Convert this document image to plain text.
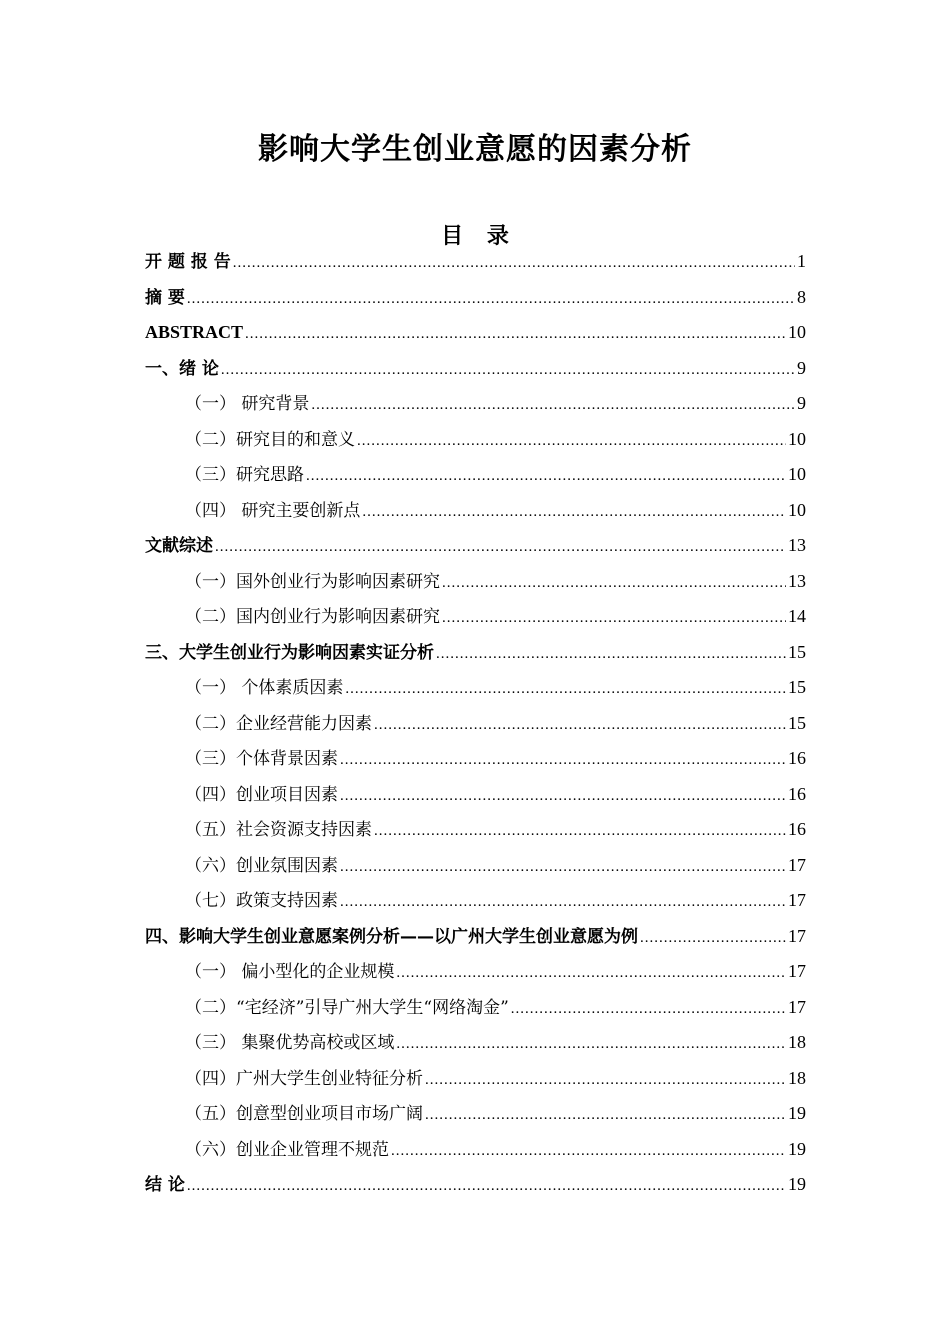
影响大学生创业意愿的因素分析
目 录
开 题 报 告 .....	1
摘 要 .....	8
ABSTRACT .....	10
一、绪 论 .....	9
（一） 研究背景 .....	9
（二）研究目的和意义 .....	10
（三）研究思路 .....	10
（四） 研究主要创新点 .....	10
文献综述 .....	13
（一）国外创业行为影响因素研究 .....	13
（二）国内创业行为影响因素研究 .....	14
三、大学生创业行为影响因素实证分析 .....	15
（一） 个体素质因素 .....	15
（二）企业经营能力因素 .....	15
（三）个体背景因素 .....	16
（四）创业项目因素 .....	16
（五）社会资源支持因素 .....	16
（六）创业氛围因素 .....	17
（七）政策支持因素 .....	17
四、影响大学生创业意愿案例分析——以广州大学生创业意愿为例 .....	17
（一） 偏小型化的企业规模 .....	17
（二）“宅经济”引导广州大学生“网络淘金” .....	17
（三） 集聚优势高校或区域 .....	18
（四）广州大学生创业特征分析 .....	18
（五）创意型创业项目市场广阔 .....	19
（六）创业企业管理不规范 .....	19
结 论 .....	19
